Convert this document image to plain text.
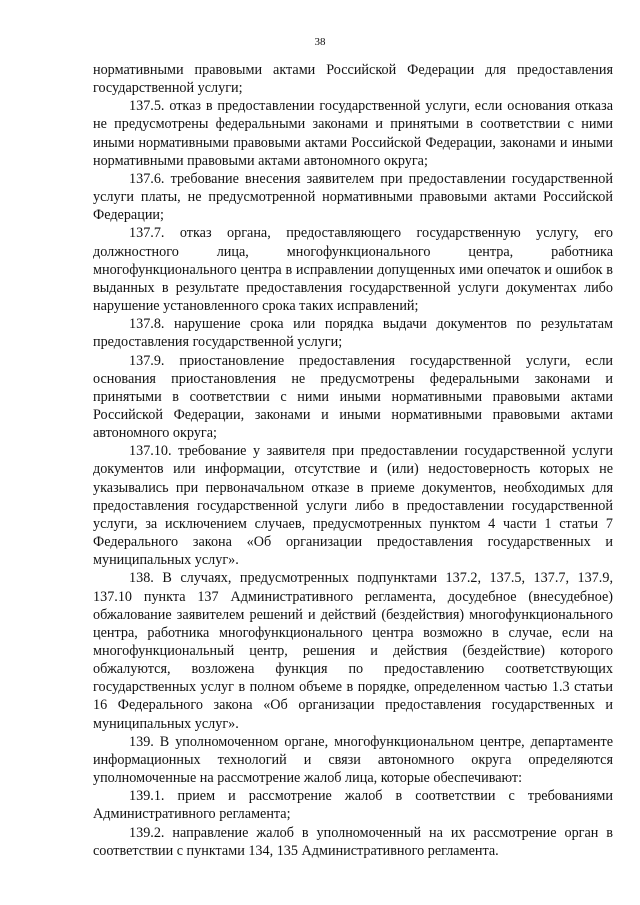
38

нормативными правовыми актами Российской Федерации для предоставления государственной услуги;

137.5. отказ в предоставлении государственной услуги, если основания отказа не предусмотрены федеральными законами и принятыми в соответствии с ними иными нормативными правовыми актами Российской Федерации, законами и иными нормативными правовыми актами автономного округа;

137.6. требование внесения заявителем при предоставлении государственной услуги платы, не предусмотренной нормативными правовыми актами Российской Федерации;

137.7. отказ органа, предоставляющего государственную услугу, его должностного лица, многофункционального центра, работника многофункционального центра в исправлении допущенных ими опечаток и ошибок в выданных в результате предоставления государственной услуги документах либо нарушение установленного срока таких исправлений;

137.8. нарушение срока или порядка выдачи документов по результатам предоставления государственной услуги;

137.9. приостановление предоставления государственной услуги, если основания приостановления не предусмотрены федеральными законами и принятыми в соответствии с ними иными нормативными правовыми актами Российской Федерации, законами и иными нормативными правовыми актами автономного округа;

137.10. требование у заявителя при предоставлении государственной услуги документов или информации, отсутствие и (или) недостоверность которых не указывались при первоначальном отказе в приеме документов, необходимых для предоставления государственной услуги либо в предоставлении государственной услуги, за исключением случаев, предусмотренных пунктом 4 части 1 статьи 7 Федерального закона «Об организации предоставления государственных и муниципальных услуг».

138. В случаях, предусмотренных подпунктами 137.2, 137.5, 137.7, 137.9, 137.10 пункта 137 Административного регламента, досудебное (внесудебное) обжалование заявителем решений и действий (бездействия) многофункционального центра, работника многофункционального центра возможно в случае, если на многофункциональный центр, решения и действия (бездействие) которого обжалуются, возложена функция по предоставлению соответствующих государственных услуг в полном объеме в порядке, определенном частью 1.3 статьи 16 Федерального закона «Об организации предоставления государственных и муниципальных услуг».

139. В уполномоченном органе, многофункциональном центре, департаменте информационных технологий и связи автономного округа определяются уполномоченные на рассмотрение жалоб лица, которые обеспечивают:

139.1. прием и рассмотрение жалоб в соответствии с требованиями Административного регламента;

139.2. направление жалоб в уполномоченный на их рассмотрение орган в соответствии с пунктами 134, 135 Административного регламента.
